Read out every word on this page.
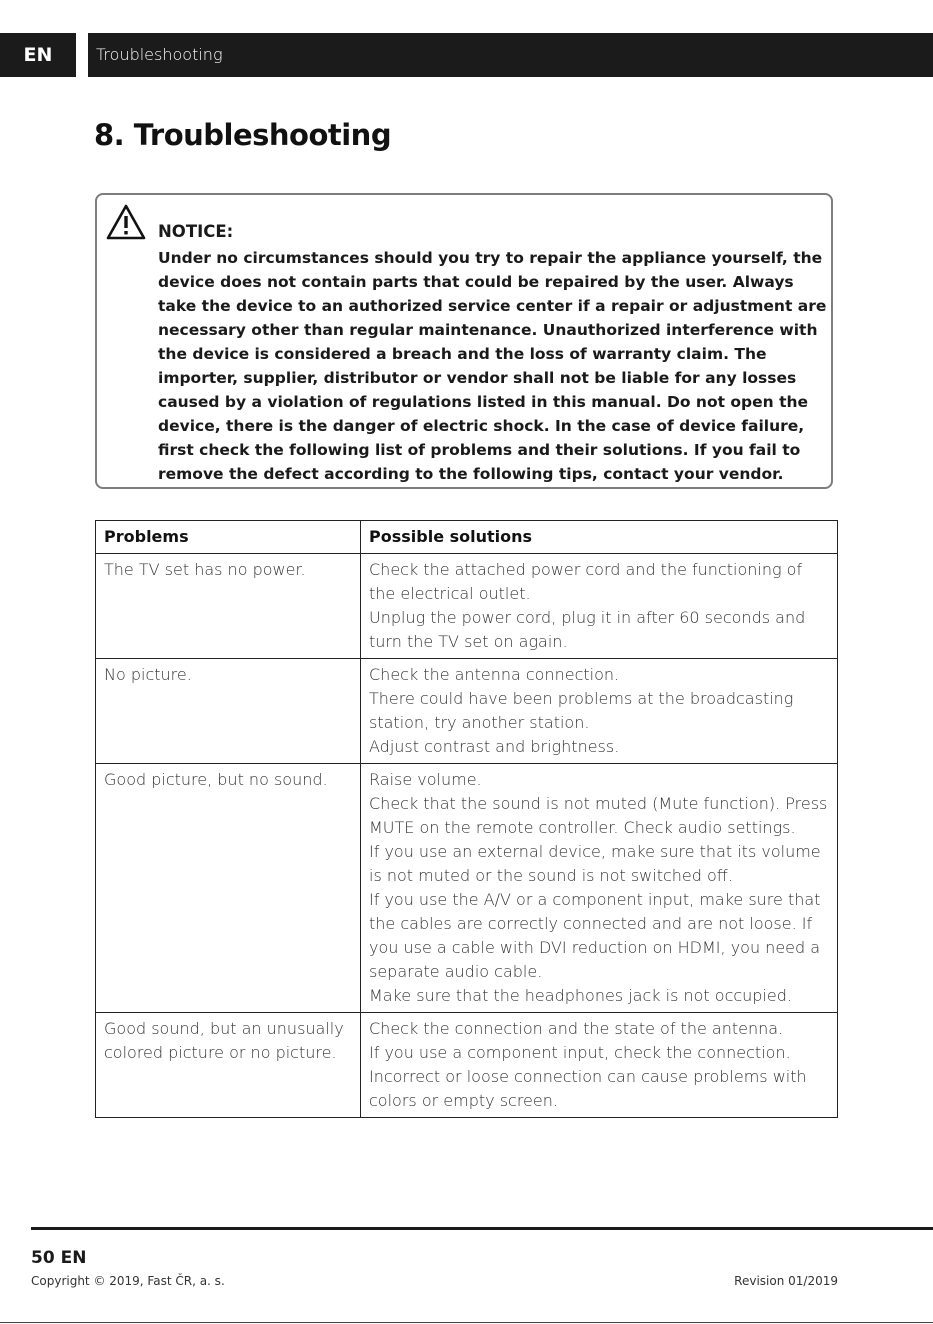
EN	Troubleshooting
8. Troubleshooting
NOTICE:
Under no circumstances should you try to repair the appliance yourself, the device does not contain parts that could be repaired by the user. Always take the device to an authorized service center if a repair or adjustment are necessary other than regular maintenance. Unauthorized interference with the device is considered a breach and the loss of warranty claim. The importer, supplier, distributor or vendor shall not be liable for any losses caused by a violation of regulations listed in this manual. Do not open the device, there is the danger of electric shock. In the case of device failure, first check the following list of problems and their solutions. If you fail to remove the defect according to the following tips, contact your vendor.
Problems	Possible solutions
The TV set has no power.	Check the attached power cord and the functioning of the electrical outlet.
Unplug the power cord, plug it in after 60 seconds and turn the TV set on again.

No picture.	Check the antenna connection.
There could have been problems at the broadcasting station, try another station.
Adjust contrast and brightness.

Good picture, but no sound.	Raise volume.
Check that the sound is not muted (Mute function). Press MUTE on the remote controller. Check audio settings.
If you use an external device, make sure that its volume is not muted or the sound is not switched off.
If you use the A/V or a component input, make sure that the cables are correctly connected and are not loose. If you use a cable with DVI reduction on HDMI, you need a separate audio cable.
Make sure that the headphones jack is not occupied.

Good sound, but an unusually colored picture or no picture.	Check the connection and the state of the antenna.
If you use a component input, check the connection. Incorrect or loose connection can cause problems with colors or empty screen.
50 EN
Copyright © 2019, Fast ČR, a. s.	Revision 01/2019
